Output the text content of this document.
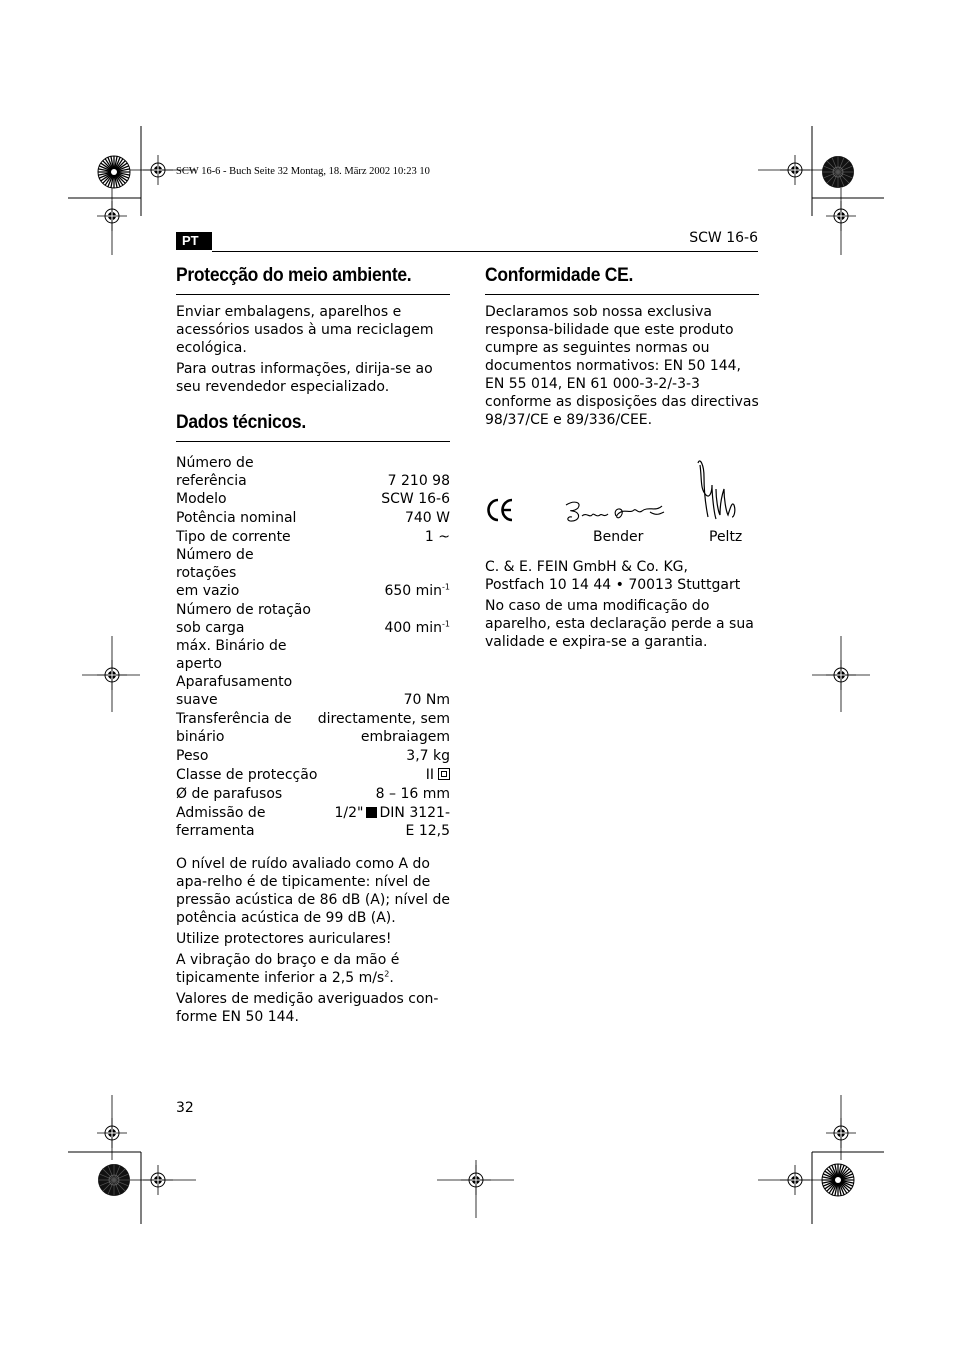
SCW 16-6 - Buch Seite 32 Montag, 18. März 2002 10:23 10
PT	SCW 16-6
Protecção do meio ambiente.

Enviar embalagens, aparelhos e acessórios usados à uma reciclagem ecológica.

Para outras informações, dirija-se ao seu revendedor especializado.

Dados técnicos.
Número de referência	7 210 98
Modelo	SCW 16-6
Potência nominal	740 W
Tipo de corrente	1 ~
Número de rotações
em vazio	650 $\min^{-1}$
Número de rotação
sob carga	400 $\min^{-1}$
máx. Binário de aperto
Aparafusamento suave	70 Nm
Transferência de
binário	directamente, sem
embraiagem
Peso	3,7 kg
Classe de protecção	II
Ø de parafusos	8 – 16 mm
Admissão de
ferramenta	1/2" DIN 3121-
E 12,5

O nível de ruído avaliado como A do apa-relho é de tipicamente: nível de pressão acústica de 86 dB (A); nível de potência acústica de 99 dB (A).

Utilize protectores auriculares!

A vibração do braço e da mão é tipicamente inferior a 2,5 $m/s^2$.

Valores de medição averiguados con-forme EN 50 144.

Conformidade CE.

Declaramos sob nossa exclusiva responsa-bilidade que este produto cumpre as seguintes normas ou documentos normativos: EN 50 144, EN 55 014, EN 61 000-3-2/-3-3 conforme as disposições das directivas 98/37/CE e 89/336/CEE.

Bender	Peltz

C. & E. FEIN GmbH & Co. KG,

Postfach 10 14 44 • 70013 Stuttgart

No caso de uma modificação do aparelho, esta declaração perde a sua validade e expira-se a garantia.

32
